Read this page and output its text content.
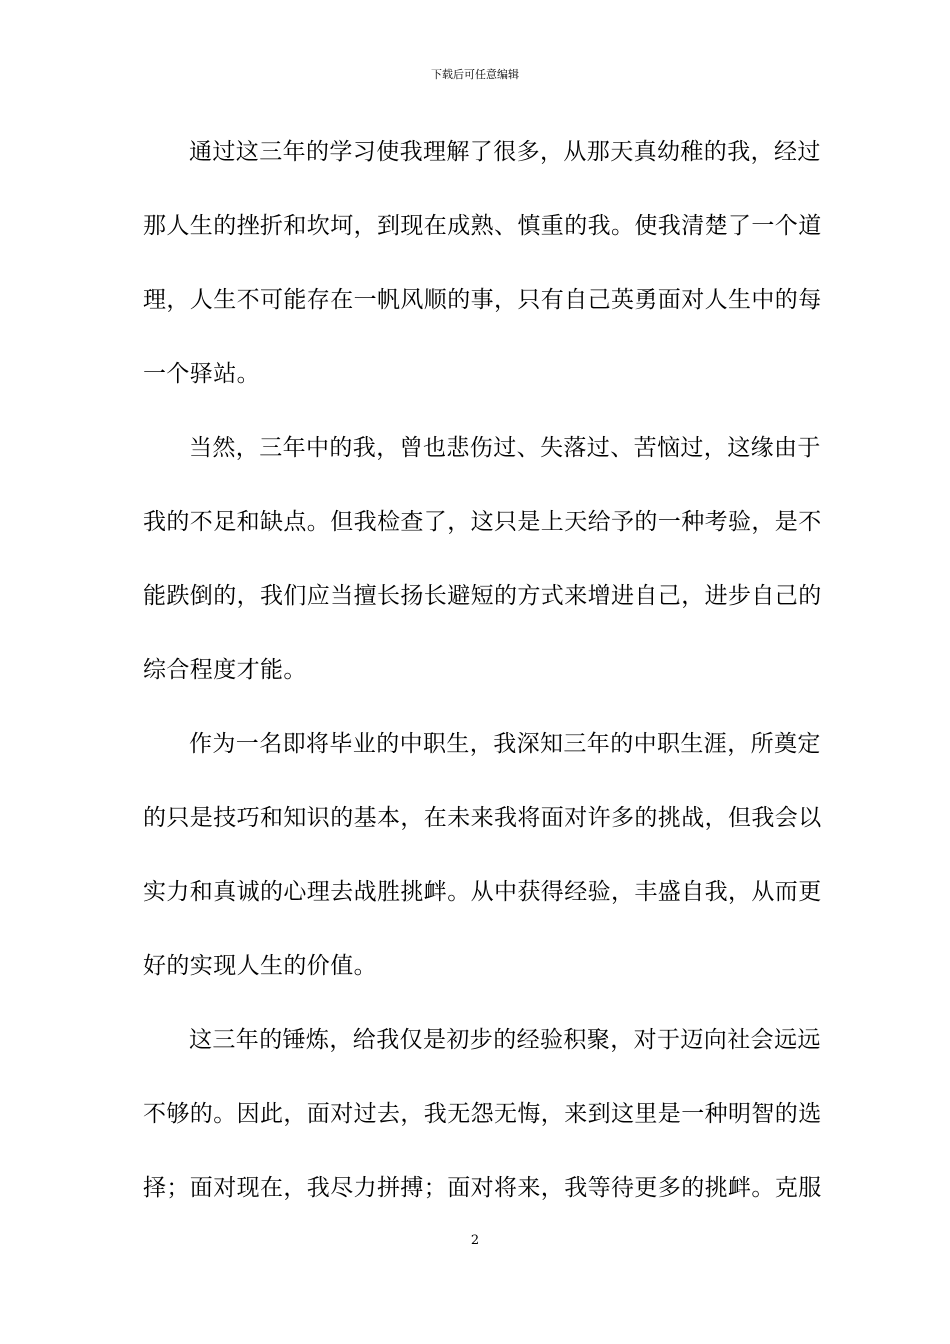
下载后可任意编辑
通过这三年的学习使我理解了很多，从那天真幼稚的我，经过
那人生的挫折和坎坷，到现在成熟、慎重的我。使我清楚了一个道
理，人生不可能存在一帆风顺的事，只有自己英勇面对人生中的每
一个驿站。
当然，三年中的我，曾也悲伤过、失落过、苦恼过，这缘由于
我的不足和缺点。但我检查了，这只是上天给予的一种考验，是不
能跌倒的，我们应当擅长扬长避短的方式来增进自己，进步自己的
综合程度才能。
作为一名即将毕业的中职生，我深知三年的中职生涯，所奠定
的只是技巧和知识的基本，在未来我将面对许多的挑战，但我会以
实力和真诚的心理去战胜挑衅。从中获得经验，丰盛自我，从而更
好的实现人生的价值。
这三年的锤炼，给我仅是初步的经验积聚，对于迈向社会远远
不够的。因此，面对过去，我无怨无悔，来到这里是一种明智的选
择；面对现在，我尽力拼搏；面对将来，我等待更多的挑衅。克服
2
